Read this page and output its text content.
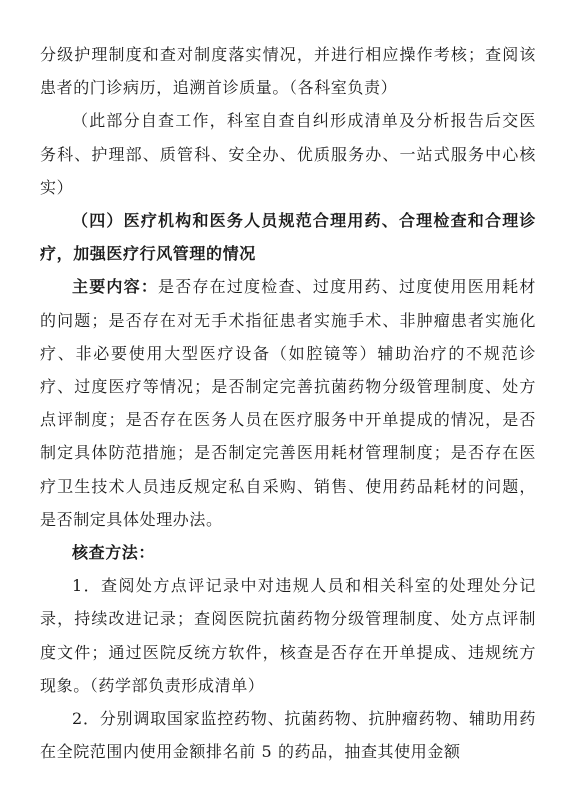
分级护理制度和查对制度落实情况，并进行相应操作考核；查阅该患者的门诊病历，追溯首诊质量。（各科室负责）

（此部分自查工作，科室自查自纠形成清单及分析报告后交医务科、护理部、质管科、安全办、优质服务办、一站式服务中心核实）

（四）医疗机构和医务人员规范合理用药、合理检查和合理诊疗，加强医疗行风管理的情况

主要内容：是否存在过度检查、过度用药、过度使用医用耗材的问题；是否存在对无手术指征患者实施手术、非肿瘤患者实施化疗、非必要使用大型医疗设备（如腔镜等）辅助治疗的不规范诊疗、过度医疗等情况；是否制定完善抗菌药物分级管理制度、处方点评制度；是否存在医务人员在医疗服务中开单提成的情况，是否制定具体防范措施；是否制定完善医用耗材管理制度；是否存在医疗卫生技术人员违反规定私自采购、销售、使用药品耗材的问题，是否制定具体处理办法。

核查方法：

1．查阅处方点评记录中对违规人员和相关科室的处理处分记录，持续改进记录；查阅医院抗菌药物分级管理制度、处方点评制度文件；通过医院反统方软件，核查是否存在开单提成、违规统方现象。（药学部负责形成清单）

2．分别调取国家监控药物、抗菌药物、抗肿瘤药物、辅助用药在全院范围内使用金额排名前 5 的药品，抽查其使用金额
